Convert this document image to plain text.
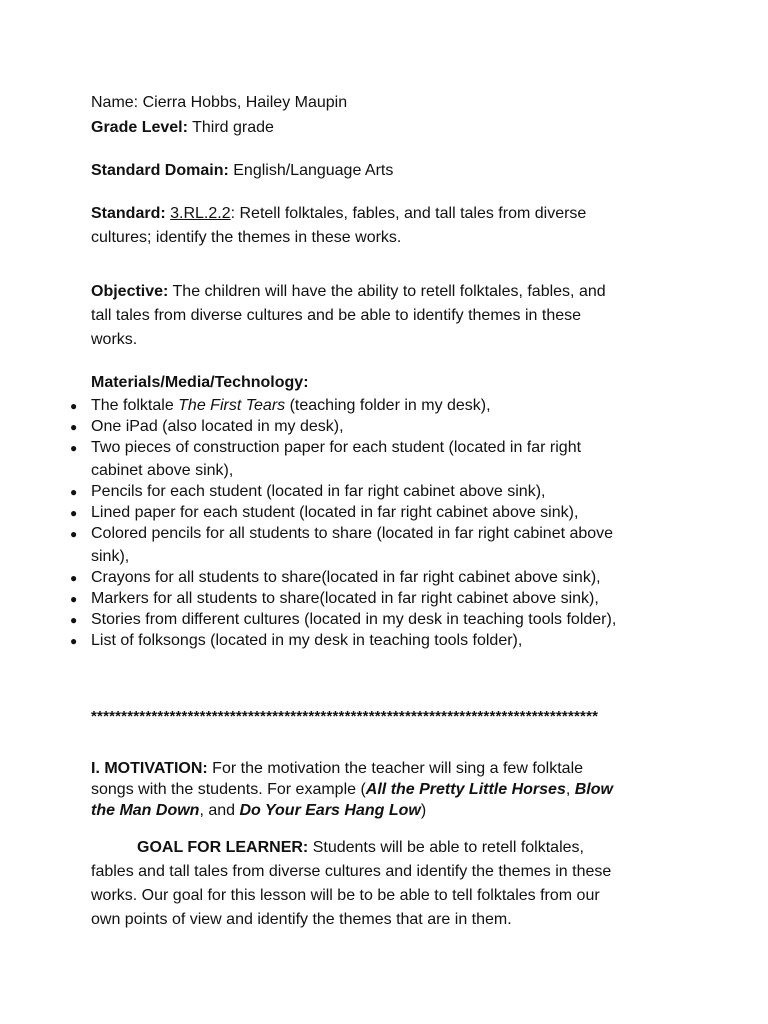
Name: Cierra Hobbs, Hailey Maupin
Grade Level: Third grade
Standard Domain: English/Language Arts
Standard: 3.RL.2.2: Retell folktales, fables, and tall tales from diverse
cultures; identify the themes in these works.
Objective: The children will have the ability to retell folktales, fables, and
tall tales from diverse cultures and be able to identify themes in these
works.
Materials/Media/Technology:
● The folktale The First Tears (teaching folder in my desk),
● One iPad (also located in my desk),
● Two pieces of construction paper for each student (located in far right
cabinet above sink),
● Pencils for each student (located in far right cabinet above sink),
● Lined paper for each student (located in far right cabinet above sink),
● Colored pencils for all students to share (located in far right cabinet above
sink),
● Crayons for all students to share(located in far right cabinet above sink),
● Markers for all students to share(located in far right cabinet above sink),
● Stories from different cultures (located in my desk in teaching tools folder),
● List of folksongs (located in my desk in teaching tools folder),
************************************************************************************
I. MOTIVATION: For the motivation the teacher will sing a few folktale
songs with the students. For example (All the Pretty Little Horses, Blow
the Man Down, and Do Your Ears Hang Low)
GOAL FOR LEARNER: Students will be able to retell folktales,
fables and tall tales from diverse cultures and identify the themes in these
works. Our goal for this lesson will be to be able to tell folktales from our
own points of view and identify the themes that are in them.
